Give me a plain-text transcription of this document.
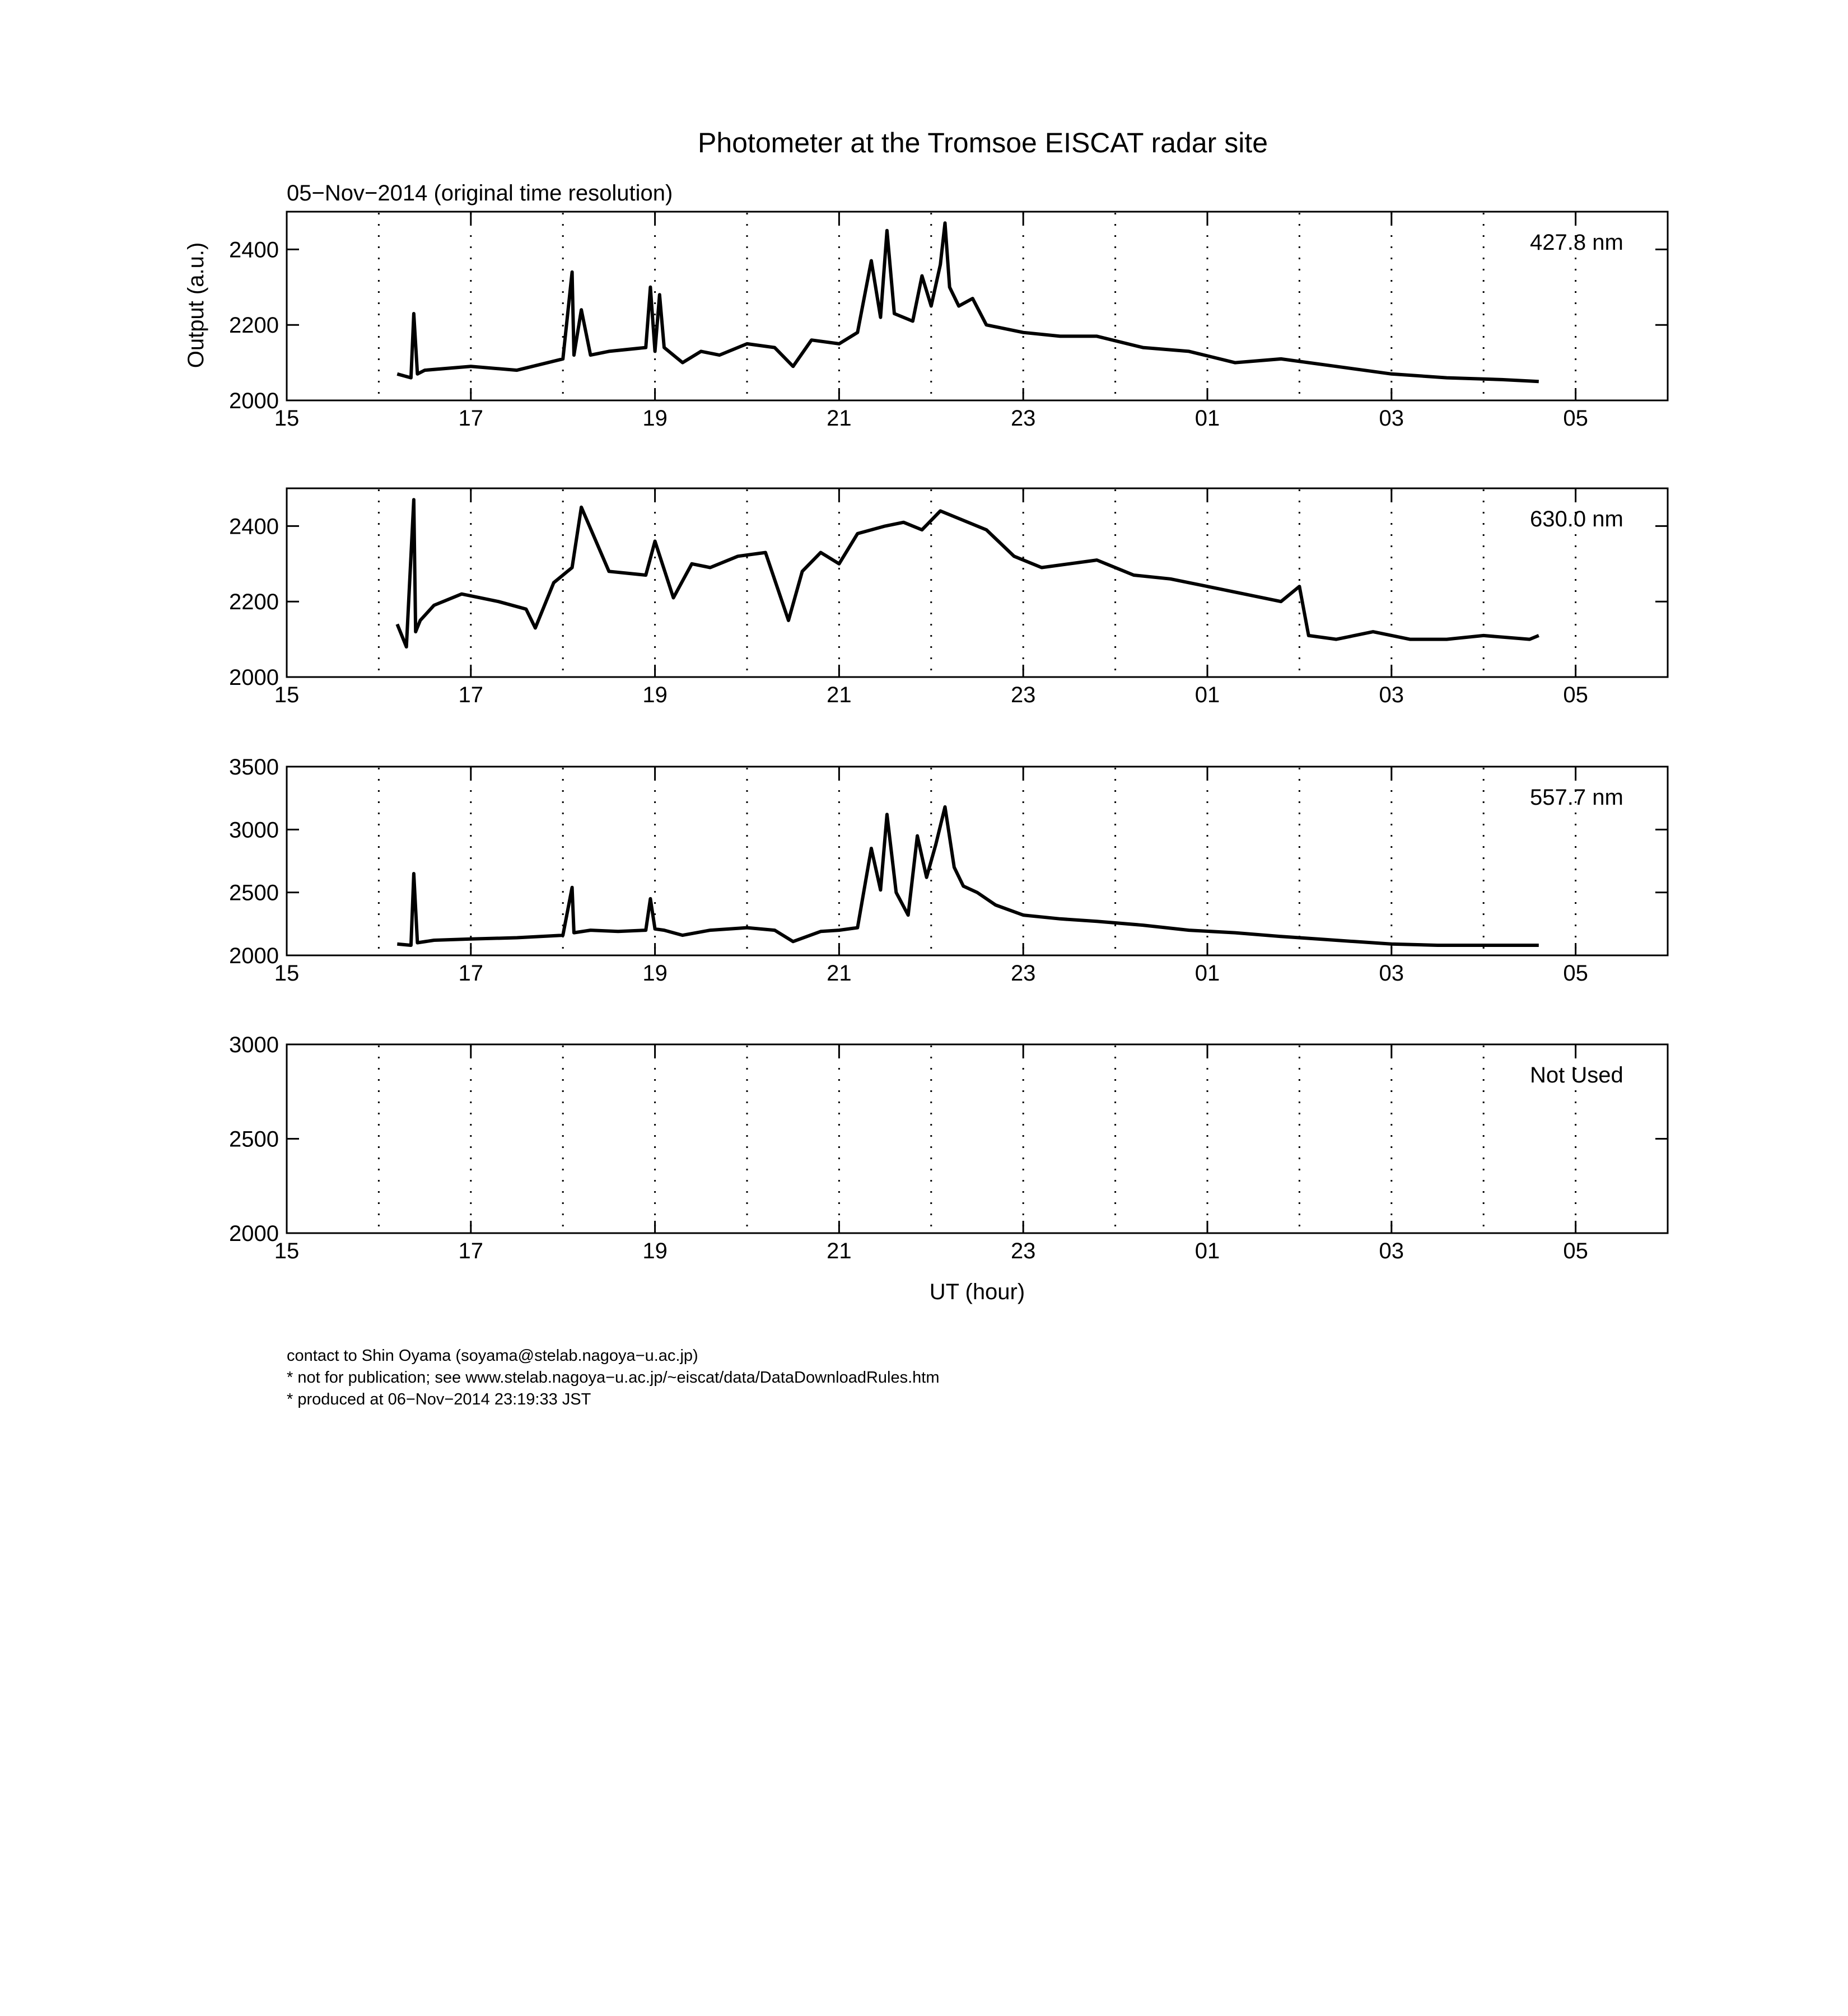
Photometer at the Tromsoe EISCAT radar site
05−Nov−2014 (original time resolution)
Output (a.u.)
UT (hour)
15	17	19	21	23	01	03	05
2000
2200
2400	427.8 nm
15	17	19	21	23	01	03	05
2000
2200
2400	630.0 nm
15	17	19	21	23	01	03	05
2000
2500
3000
3500
557.7 nm
15	17	19	21	23	01	03	05
2000
2500
3000
Not Used
contact to Shin Oyama (soyama@stelab.nagoya−u.ac.jp)
* not for publication; see www.stelab.nagoya−u.ac.jp/~eiscat/data/DataDownloadRules.htm
* produced at 06−Nov−2014 23:19:33 JST
